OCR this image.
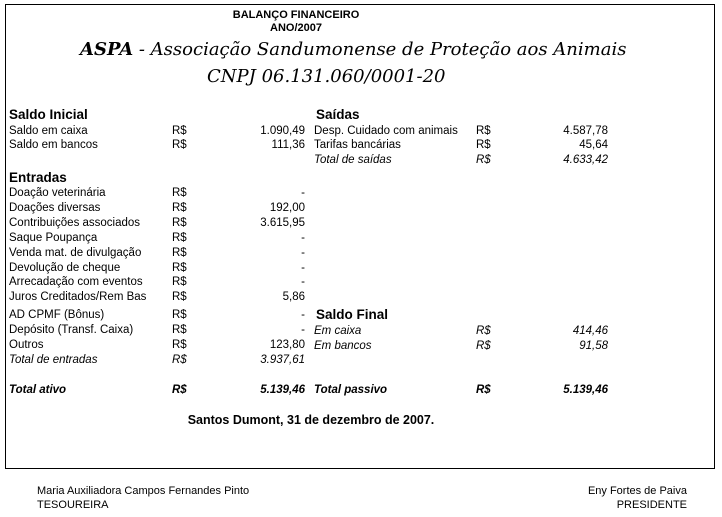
BALANÇO FINANCEIRO
ANO/2007
ASPA - Associação Sandumonense de Proteção aos Animais
CNPJ 06.131.060/0001-20
Saldo Inicial
Saldo em caixa	R$	1.090,49
Saldo em bancos	R$	111,36
Entradas
Doação veterinária	R$	-
Doações diversas	R$	192,00
Contribuições associados	R$	3.615,95
Saque Poupança	R$	-
Venda mat. de divulgação	R$	-
Devolução de cheque	R$	-
Arrecadação com eventos	R$	-
Juros Creditados/Rem Bas R$	5,86
AD CPMF (Bônus)	R$	-
Depósito (Transf. Caixa)	R$	-
Outros	R$	123,80
Total de entradas	R$	3.937,61
Total ativo	R$	5.139,46
Saídas
Desp. Cuidado com animais R$	4.587,78
Tarifas bancárias	R$	45,64
Total de saídas	R$	4.633,42
Saldo Final
Em caixa	R$	414,46
Em bancos	R$	91,58
Total passivo	R$	5.139,46
Santos Dumont, 31 de dezembro de 2007.
Maria Auxiliadora Campos Fernandes Pinto
TESOUREIRA
Eny Fortes de Paiva
PRESIDENTE
